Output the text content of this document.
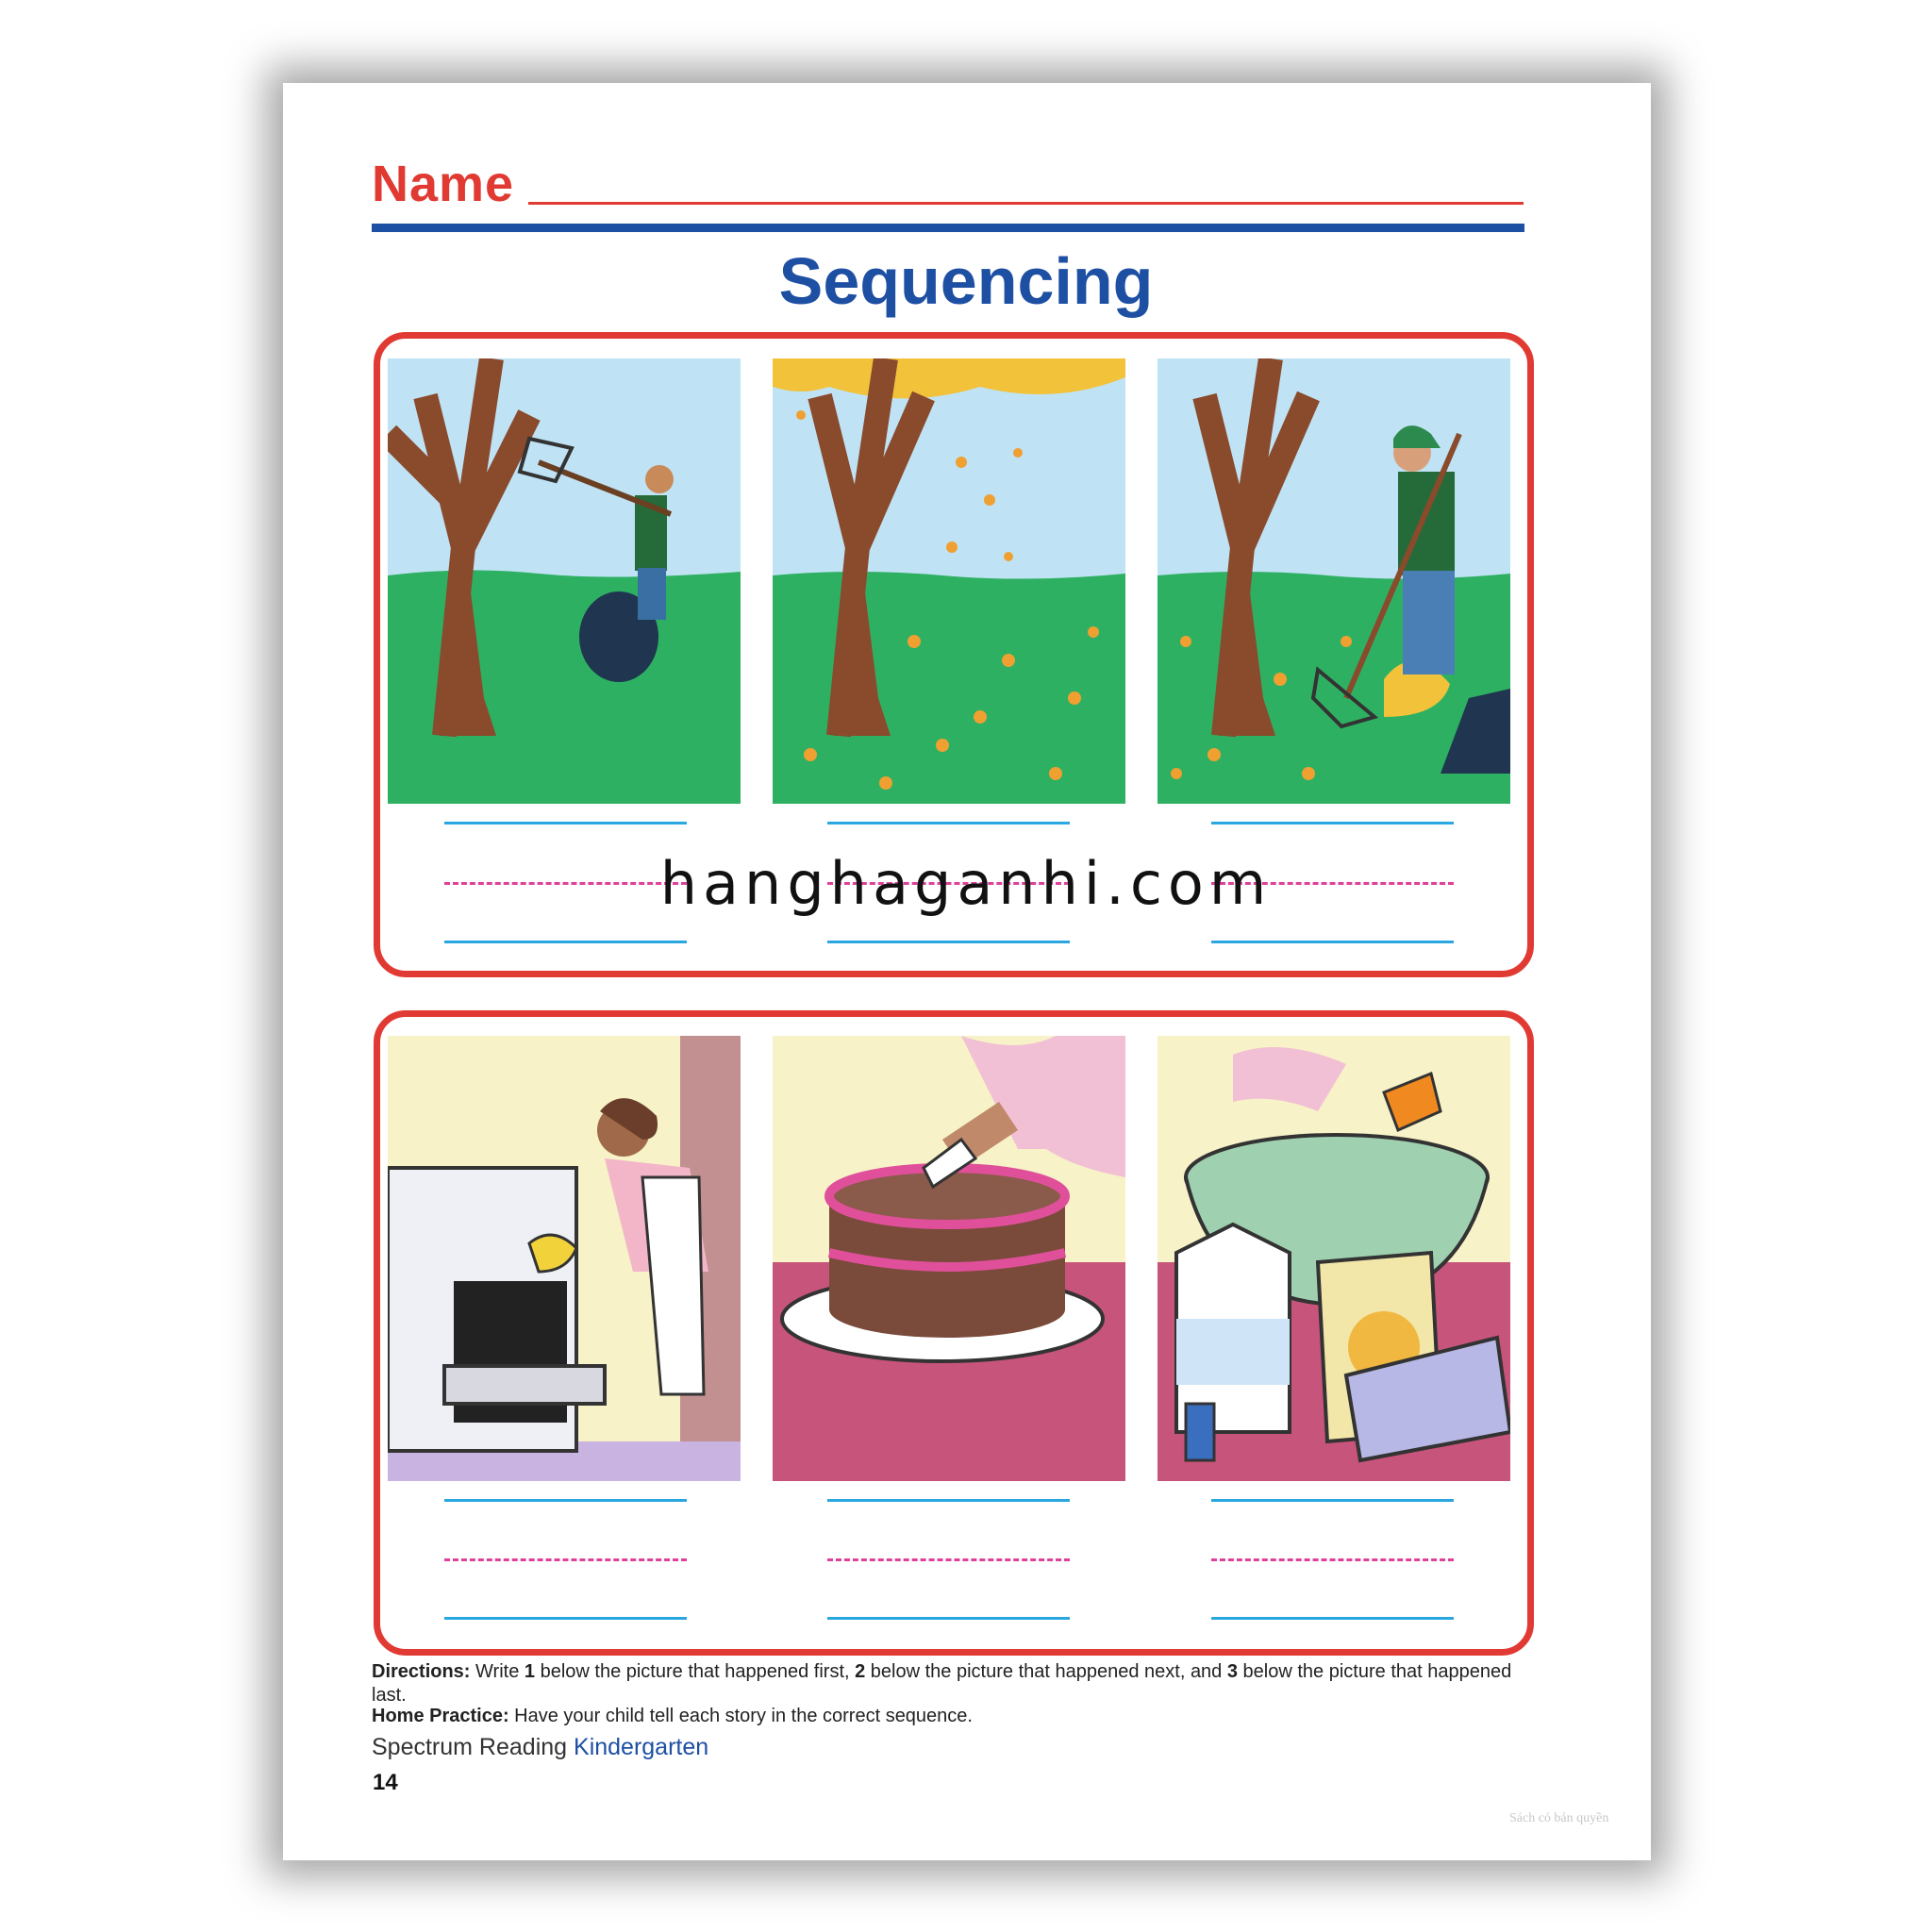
Name
Sequencing
hanghaganhi.com
Directions: Write 1 below the picture that happened first, 2 below the picture that happened next, and 3 below the picture that happened last.
Home Practice: Have your child tell each story in the correct sequence.
Spectrum Reading Kindergarten
14
Sách có bản quyền
